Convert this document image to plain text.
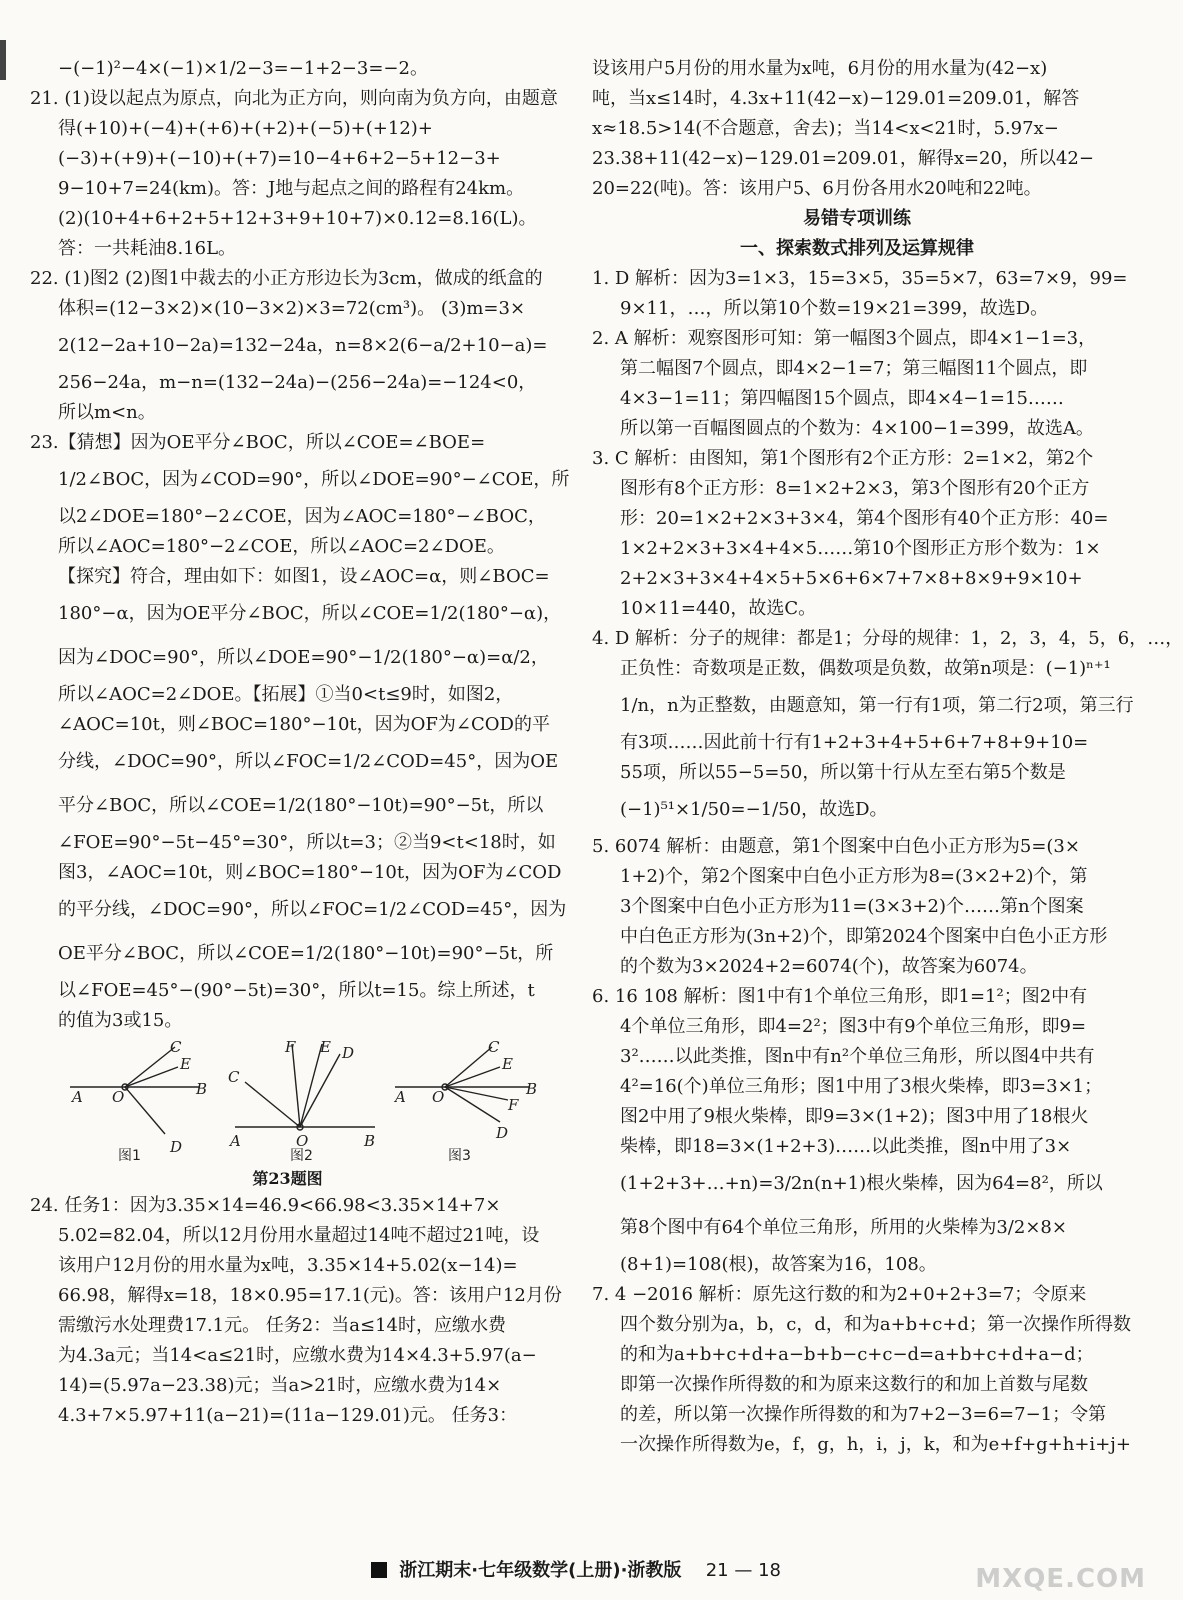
−(−1)²−4×(−1)×1/2−3=−1+2−3=−2。
21. (1)设以起点为原点，向北为正方向，则向南为负方向，由题意
得(+10)+(−4)+(+6)+(+2)+(−5)+(+12)+
(−3)+(+9)+(−10)+(+7)=10−4+6+2−5+12−3+
9−10+7=24(km)。答：J地与起点之间的路程有24km。
(2)(10+4+6+2+5+12+3+9+10+7)×0.12=8.16(L)。
答：一共耗油8.16L。
22. (1)图2 (2)图1中裁去的小正方形边长为3cm，做成的纸盒的
体积=(12−3×2)×(10−3×2)×3=72(cm³)。 (3)m=3×
2(12−2a+10−2a)=132−24a，n=8×2(6−a/2+10−a)=
256−24a，m−n=(132−24a)−(256−24a)=−124<0，
所以m<n。
23.【猜想】因为OE平分∠BOC，所以∠COE=∠BOE=
1/2∠BOC，因为∠COD=90°，所以∠DOE=90°−∠COE，所
以2∠DOE=180°−2∠COE，因为∠AOC=180°−∠BOC，
所以∠AOC=180°−2∠COE，所以∠AOC=2∠DOE。
【探究】符合，理由如下：如图1，设∠AOC=α，则∠BOC=
180°−α，因为OE平分∠BOC，所以∠COE=1/2(180°−α)，
因为∠DOC=90°，所以∠DOE=90°−1/2(180°−α)=α/2，
所以∠AOC=2∠DOE。【拓展】①当0<t≤9时，如图2，
∠AOC=10t，则∠BOC=180°−10t，因为OF为∠COD的平
分线，∠DOC=90°，所以∠FOC=1/2∠COD=45°，因为OE
平分∠BOC，所以∠COE=1/2(180°−10t)=90°−5t，所以
∠FOE=90°−5t−45°=30°，所以t=3；②当9<t<18时，如
图3，∠AOC=10t，则∠BOC=180°−10t，因为OF为∠COD
的平分线，∠DOC=90°，所以∠FOC=1/2∠COD=45°，因为
OE平分∠BOC，所以∠COE=1/2(180°−10t)=90°−5t，所
以∠FOE=45°−(90°−5t)=30°，所以t=15。综上所述，t
的值为3或15。
A O	B
C
D
E
A	O	B
C
D
E
F
A O	B
C
D
E
F
图1	图2	图3
第23题图
24. 任务1：因为3.35×14=46.9<66.98<3.35×14+7×
5.02=82.04，所以12月份用水量超过14吨不超过21吨，设
该用户12月份的用水量为x吨，3.35×14+5.02(x−14)=
66.98，解得x=18，18×0.95=17.1(元)。答：该用户12月份
需缴污水处理费17.1元。 任务2：当a≤14时，应缴水费
为4.3a元；当14<a≤21时，应缴水费为14×4.3+5.97(a−
14)=(5.97a−23.38)元；当a>21时，应缴水费为14×
4.3+7×5.97+11(a−21)=(11a−129.01)元。 任务3：
设该用户5月份的用水量为x吨，6月份的用水量为(42−x)
吨，当x≤14时，4.3x+11(42−x)−129.01=209.01，解答
x≈18.5>14(不合题意，舍去)；当14<x<21时，5.97x−
23.38+11(42−x)−129.01=209.01，解得x=20，所以42−
20=22(吨)。答：该用户5、6月份各用水20吨和22吨。
易错专项训练
一、探索数式排列及运算规律
1. D 解析：因为3=1×3，15=3×5，35=5×7，63=7×9，99=
9×11，…，所以第10个数=19×21=399，故选D。
2. A 解析：观察图形可知：第一幅图3个圆点，即4×1−1=3，
第二幅图7个圆点，即4×2−1=7；第三幅图11个圆点，即
4×3−1=11；第四幅图15个圆点，即4×4−1=15……
所以第一百幅图圆点的个数为：4×100−1=399，故选A。
3. C 解析：由图知，第1个图形有2个正方形：2=1×2，第2个
图形有8个正方形：8=1×2+2×3，第3个图形有20个正方
形：20=1×2+2×3+3×4，第4个图形有40个正方形：40=
1×2+2×3+3×4+4×5……第10个图形正方形个数为：1×
2+2×3+3×4+4×5+5×6+6×7+7×8+8×9+9×10+
10×11=440，故选C。
4. D 解析：分子的规律：都是1；分母的规律：1，2，3，4，5，6，…，
正负性：奇数项是正数，偶数项是负数，故第n项是：(−1)ⁿ⁺¹
1/n，n为正整数，由题意知，第一行有1项，第二行2项，第三行
有3项……因此前十行有1+2+3+4+5+6+7+8+9+10=
55项，所以55−5=50，所以第十行从左至右第5个数是
(−1)⁵¹×1/50=−1/50，故选D。
5. 6074 解析：由题意，第1个图案中白色小正方形为5=(3×
1+2)个，第2个图案中白色小正方形为8=(3×2+2)个，第
3个图案中白色小正方形为11=(3×3+2)个……第n个图案
中白色正方形为(3n+2)个，即第2024个图案中白色小正方形
的个数为3×2024+2=6074(个)，故答案为6074。
6. 16 108 解析：图1中有1个单位三角形，即1=1²；图2中有
4个单位三角形，即4=2²；图3中有9个单位三角形，即9=
3²……以此类推，图n中有n²个单位三角形，所以图4中共有
4²=16(个)单位三角形；图1中用了3根火柴棒，即3=3×1；
图2中用了9根火柴棒，即9=3×(1+2)；图3中用了18根火
柴棒，即18=3×(1+2+3)……以此类推，图n中用了3×
(1+2+3+…+n)=3/2n(n+1)根火柴棒，因为64=8²，所以
第8个图中有64个单位三角形，所用的火柴棒为3/2×8×
(8+1)=108(根)，故答案为16，108。
7. 4 −2016 解析：原先这行数的和为2+0+2+3=7；令原来
四个数分别为a，b，c，d，和为a+b+c+d；第一次操作所得数
的和为a+b+c+d+a−b+b−c+c−d=a+b+c+d+a−d；
即第一次操作所得数的和为原来这数行的和加上首数与尾数
的差，所以第一次操作所得数的和为7+2−3=6=7−1；令第
一次操作所得数为e，f，g，h，i，j，k，和为e+f+g+h+i+j+
浙江期末·七年级数学(上册)·浙教版 21 — 18	MXQE.COM
